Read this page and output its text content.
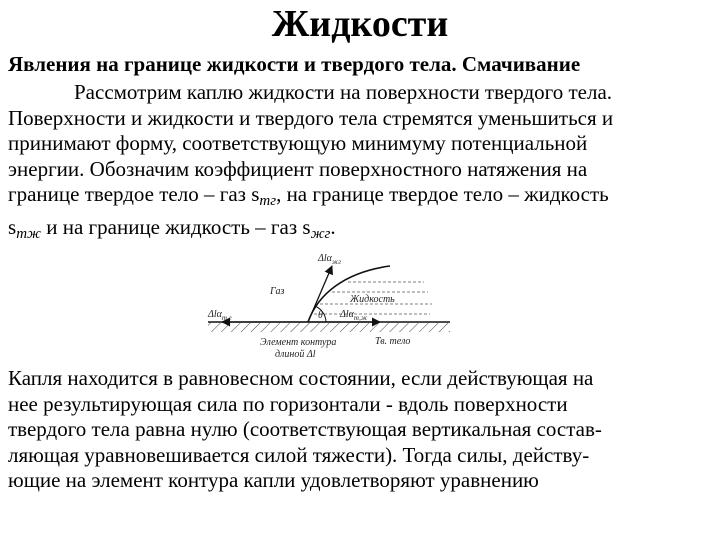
Жидкости
Явления на границе жидкости и твердого тела. Смачивание
Рассмотрим каплю жидкости на поверхности твердого тела.
Поверхности и жидкости и твердого тела стремятся уменьшиться и
принимают форму, соответствующую минимуму потенциальной
энергии. Обозначим коэффициент поверхностного натяжения на
границе твердое тело – газ $s_{тг}$, на границе твердое тело – жидкость
$s_{тж}$ и на границе жидкость – газ $s_{жг}$.
Газ
Жидкость
Тв. тело
Элемент контура
длиной Δl
θ
Δlα$_{жг}$
Δlα$_{т,г}$	Δlα$_{т,ж}$
Капля находится в равновесном состоянии, если действующая на
нее результирующая сила по горизонтали - вдоль поверхности
твердого тела равна нулю (соответствующая вертикальная состав-
ляющая уравновешивается силой тяжести). Тогда силы, действу-
ющие на элемент контура капли удовлетворяют уравнению
